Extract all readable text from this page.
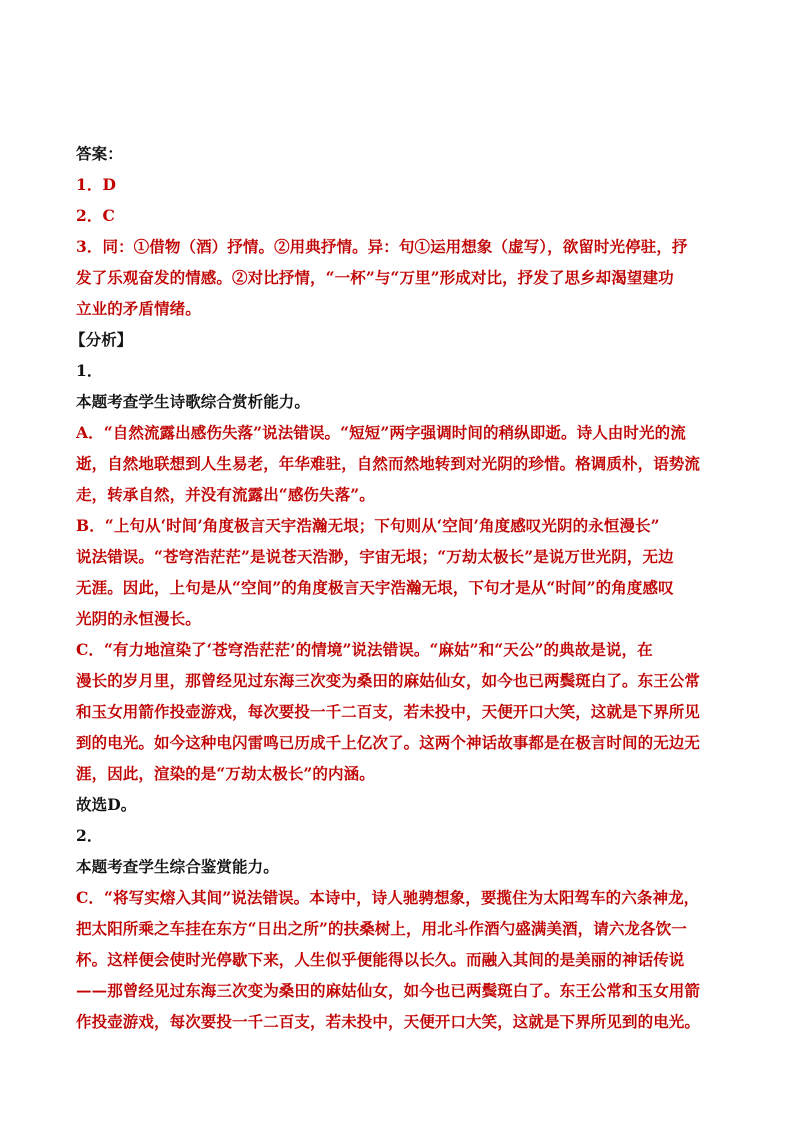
答案：
1．D
2．C
3．同：①借物（酒）抒情。②用典抒情。异：句①运用想象（虚写），欲留时光停驻，抒
发了乐观奋发的情感。②对比抒情，“一杯”与“万里”形成对比，抒发了思乡却渴望建功
立业的矛盾情绪。
【分析】
1．
本题考查学生诗歌综合赏析能力。
A．“自然流露出感伤失落”说法错误。“短短”两字强调时间的稍纵即逝。诗人由时光的流
逝，自然地联想到人生易老，年华难驻，自然而然地转到对光阴的珍惜。格调质朴，语势流
走，转承自然，并没有流露出“感伤失落”。
B．“上句从‘时间’角度极言天宇浩瀚无垠；下句则从‘空间’角度感叹光阴的永恒漫长”
说法错误。“苍穹浩茫茫”是说苍天浩渺，宇宙无垠；“万劫太极长”是说万世光阴，无边
无涯。因此，上句是从“空间”的角度极言天宇浩瀚无垠，下句才是从“时间”的角度感叹
光阴的永恒漫长。
C．“有力地渲染了‘苍穹浩茫茫’的情境”说法错误。“麻姑”和“天公”的典故是说，在
漫长的岁月里，那曾经见过东海三次变为桑田的麻姑仙女，如今也已两鬓斑白了。东王公常
和玉女用箭作投壶游戏，每次要投一千二百支，若未投中，天便开口大笑，这就是下界所见
到的电光。如今这种电闪雷鸣已历成千上亿次了。这两个神话故事都是在极言时间的无边无
涯，因此，渲染的是“万劫太极长”的内涵。
故选D。
2．
本题考查学生综合鉴赏能力。
C．“将写实熔入其间”说法错误。本诗中，诗人驰骋想象，要揽住为太阳驾车的六条神龙，
把太阳所乘之车挂在东方“日出之所”的扶桑树上，用北斗作酒勺盛满美酒，请六龙各饮一
杯。这样便会使时光停歇下来，人生似乎便能得以长久。而融入其间的是美丽的神话传说
——那曾经见过东海三次变为桑田的麻姑仙女，如今也已两鬓斑白了。东王公常和玉女用箭
作投壶游戏，每次要投一千二百支，若未投中，天便开口大笑，这就是下界所见到的电光。
